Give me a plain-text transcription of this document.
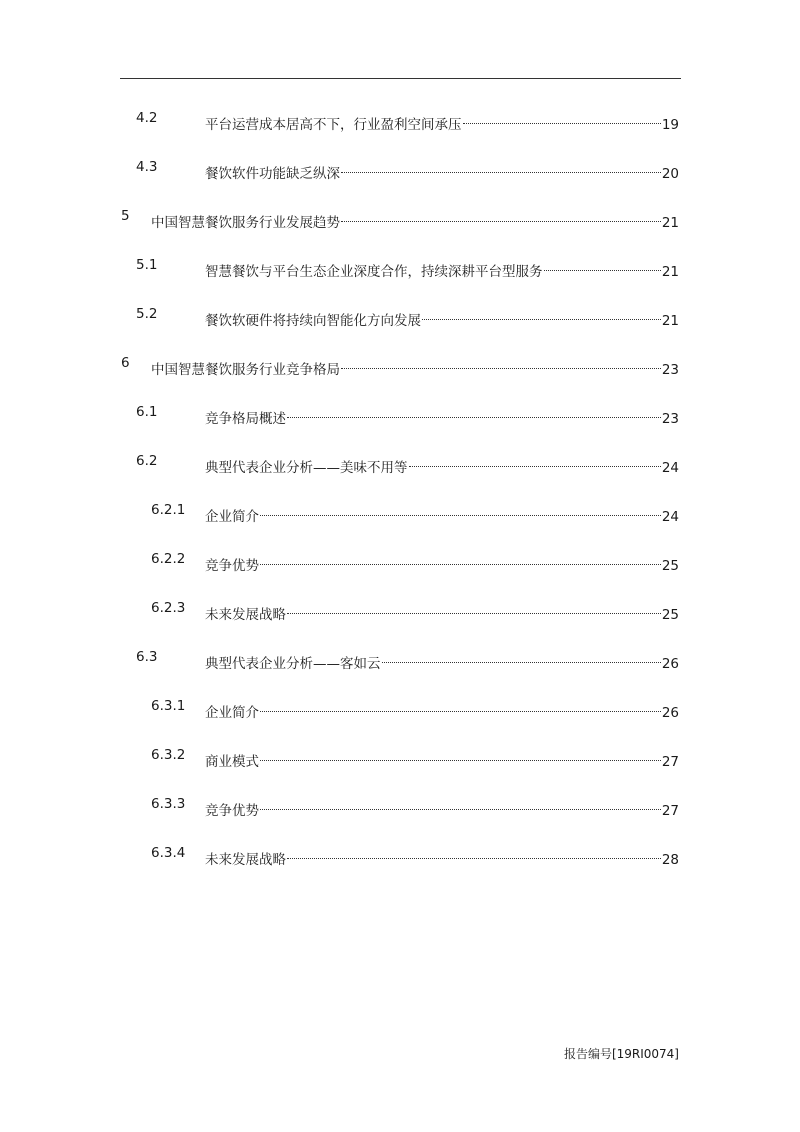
4.2	平台运营成本居高不下，行业盈利空间承压	19
4.3	餐饮软件功能缺乏纵深	20
5 中国智慧餐饮服务行业发展趋势	21
5.1	智慧餐饮与平台生态企业深度合作，持续深耕平台型服务	21
5.2	餐饮软硬件将持续向智能化方向发展	21
6 中国智慧餐饮服务行业竞争格局	23
6.1	竞争格局概述	23
6.2	典型代表企业分析——美味不用等	24
6.2.1 企业简介	24
6.2.2 竞争优势	25
6.2.3 未来发展战略	25
6.3	典型代表企业分析——客如云	26
6.3.1 企业简介	26
6.3.2 商业模式	27
6.3.3 竞争优势	27
6.3.4 未来发展战略	28
报告编号[19RI0074]
